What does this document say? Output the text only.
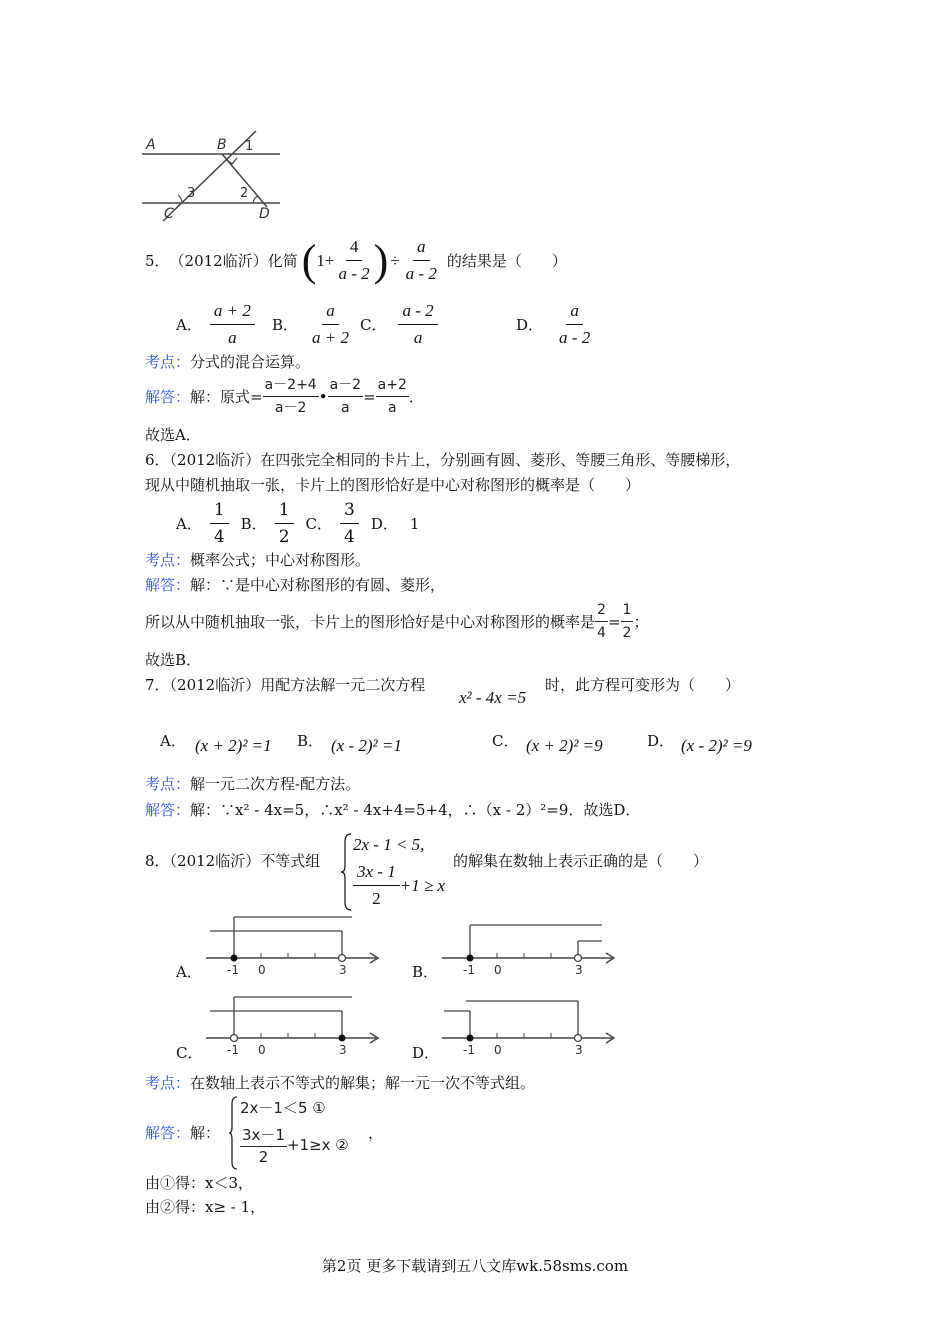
A	B 1
2
3
C	D
5． （2012临沂） 化简 ( $1+ \frac{4}{a - 2}$ ) ÷ $\frac{a}{a - 2}$ 的结果是（　　）
A． $\frac{a + 2}{a}$ B． $\frac{a}{a + 2}$ C． $\frac{a - 2}{a}$	D． $\frac{a}{a - 2}$
考点：分式的混合运算。
解答： 解：原式= $\frac{a-2+4}{a-2}$ • $\frac{a-2}{a} = \frac{a+2}{a}$ ．
故选A．
6．（2012临沂）在四张完全相同的卡片上，分别画有圆、菱形、等腰三角形、等腰梯形，
现从中随机抽取一张，卡片上的图形恰好是中心对称图形的概率是（　　）
A． $\frac{1}{4}$ B． $\frac{1}{2}$ C． $\frac{3}{4}$ D． 1
考点：概率公式；中心对称图形。
解答：解：∵是中心对称图形的有圆、菱形，
所以从中随机抽取一张，卡片上的图形恰好是中心对称图形的概率是 $\frac{2}{4} = \frac{1}{2}$ ；
故选B．
7．（2012临沂）用配方法解一元二次方程
x² - 4x =5
时，此方程可变形为（　　）
A． (x + 2)² =1 B． (x - 2)² =1	C． (x + 2)² =9	D． (x - 2)² =9
考点：解一元二次方程-配方法。
解答：解：∵x² - 4x=5，∴x² - 4x+4=5+4，∴（x - 2）²=9．故选D．
8．（2012临沂）不等式组
2x - 1 < 5,
$\frac{3x - 1}{2} +1 \ge x$
的解集在数轴上表示正确的是（　　）
A． -1 0	3	B． -1 0	3
C． -1 0	3	D． -1 0	3
考点：在数轴上表示不等式的解集；解一元一次不等式组。
解答：解：
2x－1＜5 ①
$\frac{3x-1}{2} +1\ge x$ ②
，
由①得：x＜3，
由②得：x≥ - 1，
第2页 更多下载请到五八文库wk.58sms.com
